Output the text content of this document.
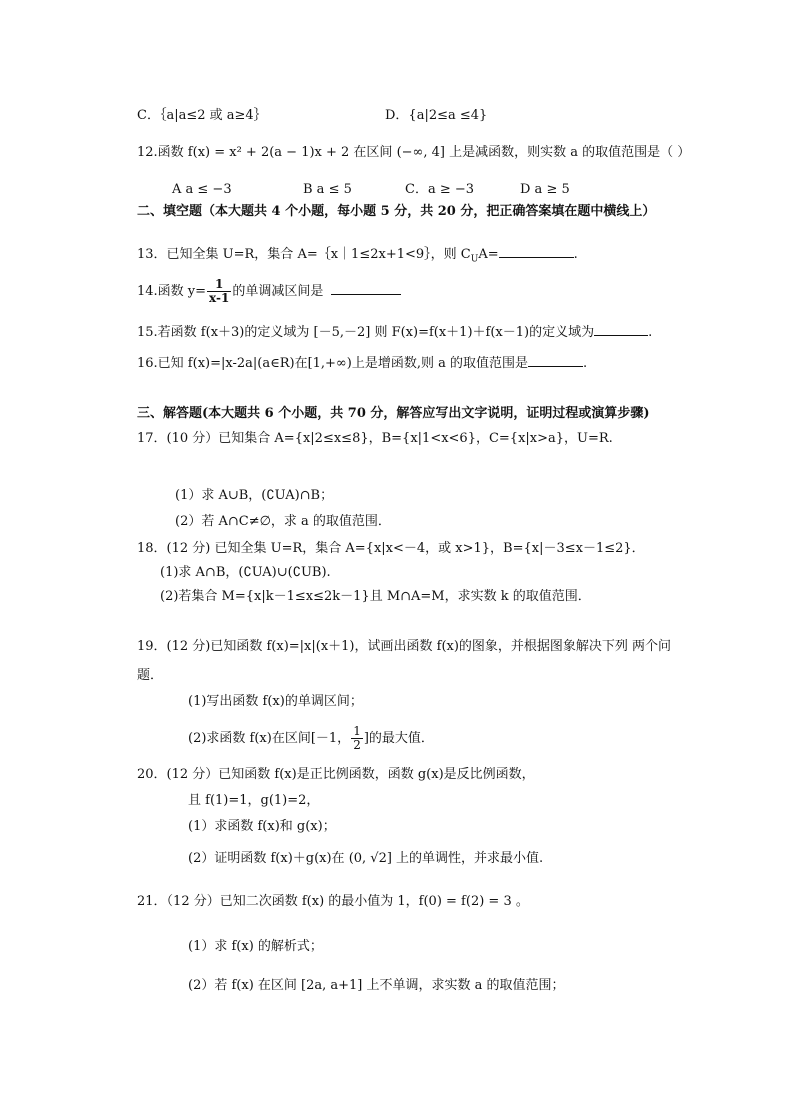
C．｛a|a≤2 或 a≥4｝	D．{a|2≤a ≤4}
12.函数 f(x) = x² + 2(a − 1)x + 2 在区间 (−∞, 4] 上是减函数，则实数 a 的取值范围是（ ）
A a ≤ −3	B a ≤ 5	C．a ≥ −3	D a ≥ 5
二、填空题（本大题共 4 个小题，每小题 5 分，共 20 分，把正确答案填在题中横线上）
13．已知全集 U=R，集合 A=｛x｜1≤2x+1<9｝，则 $C_UA=$	.
14.函数 $y= \frac{1}{x-1}$ 的单调减区间是
15.若函数 f(x＋3)的定义域为 [－5,－2] 则 F(x)=f(x＋1)＋f(x－1)的定义域为	.
16.已知 f(x)=|x-2a|(a∈R)在[1,+∞)上是增函数,则 a 的取值范围是	.
三、解答题(本大题共 6 个小题，共 70 分，解答应写出文字说明，证明过程或演算步骤)
17．(10 分）已知集合 A={x|2≤x≤8}，B={x|1<x<6}，C={x|x>a}，U=R.
(1）求 A∪B，(∁UA)∩B；
(2）若 A∩C≠∅，求 a 的取值范围．
18．(12 分) 已知全集 U=R，集合 A={x|x<－4，或 x>1}，B={x|－3≤x－1≤2}．
(1)求 A∩B，(∁UA)∪(∁UB).
(2)若集合 M={x|k－1≤x≤2k－1}且 M∩A=M，求实数 k 的取值范围．
19．(12 分)已知函数 f(x)=|x|(x＋1)，试画出函数 f(x)的图象，并根据图象解决下列 两个问
题．
(1)写出函数 f(x)的单调区间；
(2)求函数 f(x)在区间[－1， $\frac{1}{2}$ ]的最大值．
20．(12 分）已知函数 f(x)是正比例函数，函数 g(x)是反比例函数，
且 f(1)=1，g(1)=2，
(1）求函数 f(x)和 g(x)；
(2）证明函数 f(x)＋g(x)在 (0, √2] 上的单调性，并求最小值.
21．（12 分）已知二次函数 f(x) 的最小值为 1，f(0) = f(2) = 3 。
(1）求 f(x) 的解析式；
(2）若 f(x) 在区间 [2a, a+1] 上不单调，求实数 a 的取值范围；
